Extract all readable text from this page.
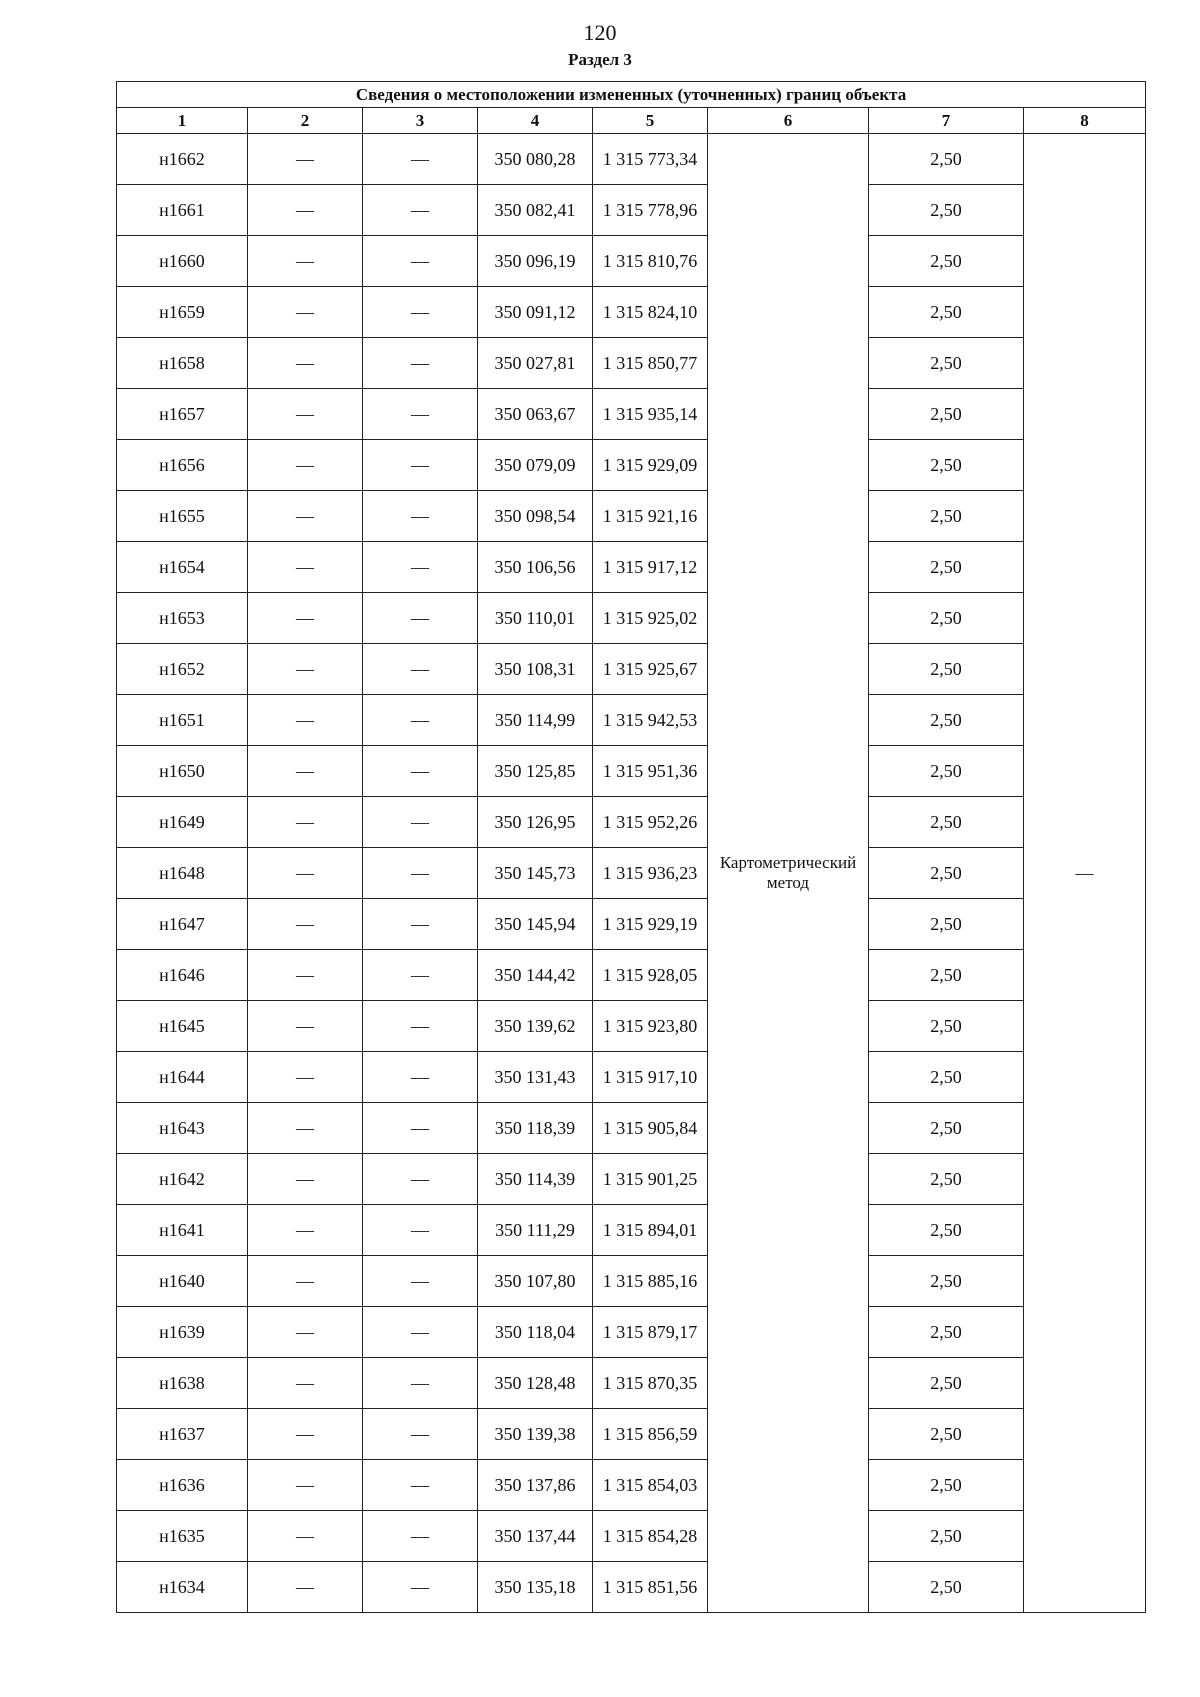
120
Раздел 3
Сведения о местоположении измененных (уточненных) границ объекта							
1	2	3	4	5	6	7	8
н1662	—	—	350 080,28	1 315 773,34	Картометрический метод	2,50	—
н1661	—	—	350 082,41	1 315 778,96		2,50	
н1660	—	—	350 096,19	1 315 810,76		2,50	
н1659	—	—	350 091,12	1 315 824,10		2,50	
н1658	—	—	350 027,81	1 315 850,77		2,50	
н1657	—	—	350 063,67	1 315 935,14		2,50	
н1656	—	—	350 079,09	1 315 929,09		2,50	
н1655	—	—	350 098,54	1 315 921,16		2,50	
н1654	—	—	350 106,56	1 315 917,12		2,50	
н1653	—	—	350 110,01	1 315 925,02		2,50	
н1652	—	—	350 108,31	1 315 925,67		2,50	
н1651	—	—	350 114,99	1 315 942,53		2,50	
н1650	—	—	350 125,85	1 315 951,36		2,50	
н1649	—	—	350 126,95	1 315 952,26		2,50	
н1648	—	—	350 145,73	1 315 936,23		2,50	
н1647	—	—	350 145,94	1 315 929,19		2,50	
н1646	—	—	350 144,42	1 315 928,05		2,50	
н1645	—	—	350 139,62	1 315 923,80		2,50	
н1644	—	—	350 131,43	1 315 917,10		2,50	
н1643	—	—	350 118,39	1 315 905,84		2,50	
н1642	—	—	350 114,39	1 315 901,25		2,50	
н1641	—	—	350 111,29	1 315 894,01		2,50	
н1640	—	—	350 107,80	1 315 885,16		2,50	
н1639	—	—	350 118,04	1 315 879,17		2,50	
н1638	—	—	350 128,48	1 315 870,35		2,50	
н1637	—	—	350 139,38	1 315 856,59		2,50	
н1636	—	—	350 137,86	1 315 854,03		2,50	
н1635	—	—	350 137,44	1 315 854,28		2,50	
н1634	—	—	350 135,18	1 315 851,56		2,50	
